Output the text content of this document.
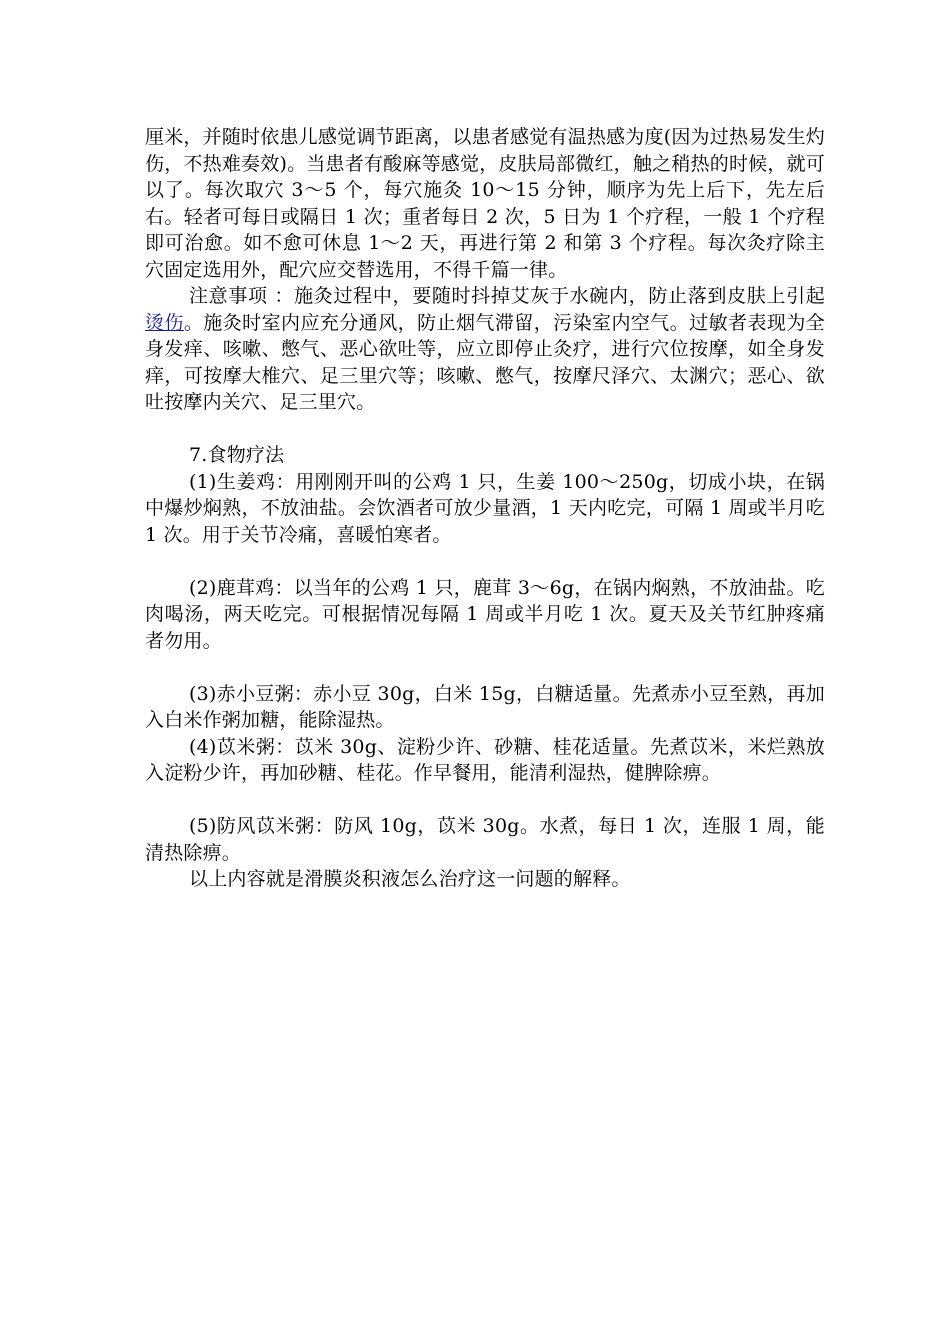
厘米，并随时依患儿感觉调节距离，以患者感觉有温热感为度(因为过热易发生灼伤，不热难奏效)。当患者有酸麻等感觉，皮肤局部微红，触之稍热的时候，就可以了。每次取穴 3～5 个，每穴施灸 10～15 分钟，顺序为先上后下，先左后右。轻者可每日或隔日 1 次；重者每日 2 次，5 日为 1 个疗程，一般 1 个疗程即可治愈。如不愈可休息 1～2 天，再进行第 2 和第 3 个疗程。每次灸疗除主穴固定选用外，配穴应交替选用，不得千篇一律。

注意事项 ：施灸过程中，要随时抖掉艾灰于水碗内，防止落到皮肤上引起烫伤。施灸时室内应充分通风，防止烟气滞留，污染室内空气。过敏者表现为全身发痒、咳嗽、憋气、恶心欲吐等，应立即停止灸疗，进行穴位按摩，如全身发痒，可按摩大椎穴、足三里穴等；咳嗽、憋气，按摩尺泽穴、太渊穴；恶心、欲吐按摩内关穴、足三里穴。

7.食物疗法

(1)生姜鸡：用刚刚开叫的公鸡 1 只，生姜 100～250g，切成小块，在锅中爆炒焖熟，不放油盐。会饮酒者可放少量酒，1 天内吃完，可隔 1 周或半月吃 1 次。用于关节冷痛，喜暖怕寒者。

(2)鹿茸鸡：以当年的公鸡 1 只，鹿茸 3～6g，在锅内焖熟，不放油盐。吃肉喝汤，两天吃完。可根据情况每隔 1 周或半月吃 1 次。夏天及关节红肿疼痛者勿用。

(3)赤小豆粥：赤小豆 30g，白米 15g，白糖适量。先煮赤小豆至熟，再加入白米作粥加糖，能除湿热。

(4)苡米粥：苡米 30g、淀粉少许、砂糖、桂花适量。先煮苡米，米烂熟放入淀粉少许，再加砂糖、桂花。作早餐用，能清利湿热，健脾除痹。

(5)防风苡米粥：防风 10g，苡米 30g。水煮，每日 1 次，连服 1 周，能清热除痹。

以上内容就是滑膜炎积液怎么治疗这一问题的解释。
